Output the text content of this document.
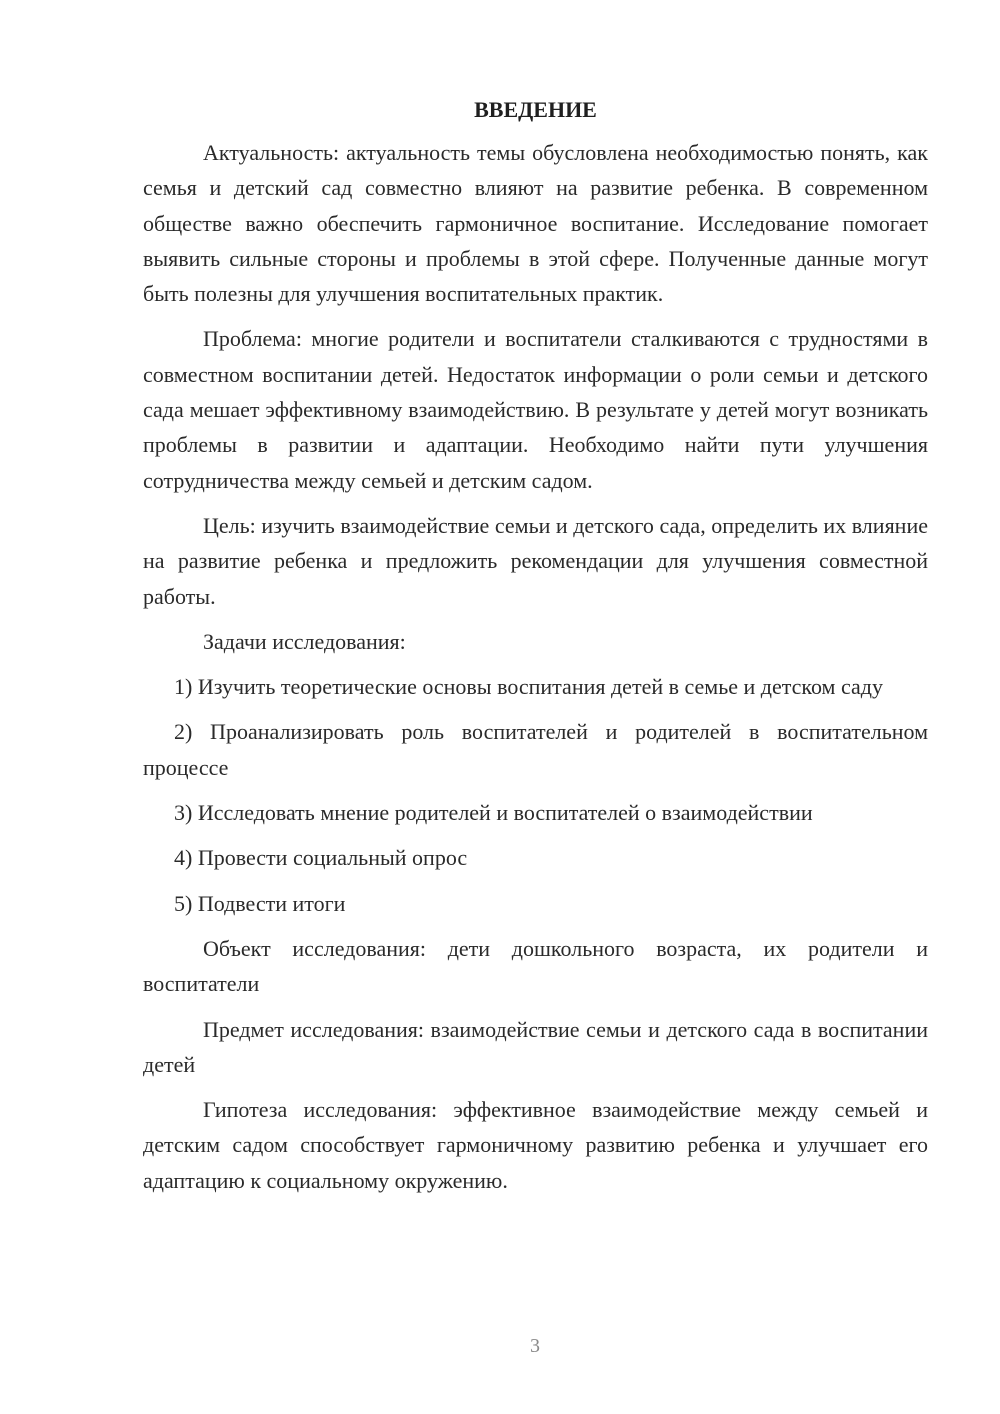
ВВЕДЕНИЕ

Актуальность: актуальность темы обусловлена необходимостью понять, как семья и детский сад совместно влияют на развитие ребенка. В современном обществе важно обеспечить гармоничное воспитание. Исследование помогает выявить сильные стороны и проблемы в этой сфере. Полученные данные могут быть полезны для улучшения воспитательных практик.

Проблема: многие родители и воспитатели сталкиваются с трудностями в совместном воспитании детей. Недостаток информации о роли семьи и детского сада мешает эффективному взаимодействию. В результате у детей могут возникать проблемы в развитии и адаптации. Необходимо найти пути улучшения сотрудничества между семьей и детским садом.

Цель: изучить взаимодействие семьи и детского сада, определить их влияние на развитие ребенка и предложить рекомендации для улучшения совместной работы.

Задачи исследования:

1) Изучить теоретические основы воспитания детей в семье и детском саду

2) Проанализировать роль воспитателей и родителей в воспитательном процессе

3) Исследовать мнение родителей и воспитателей о взаимодействии

4) Провести социальный опрос

5) Подвести итоги

Объект исследования: дети дошкольного возраста, их родители и воспитатели

Предмет исследования: взаимодействие семьи и детского сада в воспитании детей

Гипотеза исследования: эффективное взаимодействие между семьей и детским садом способствует гармоничному развитию ребенка и улучшает его адаптацию к социальному окружению.

3
